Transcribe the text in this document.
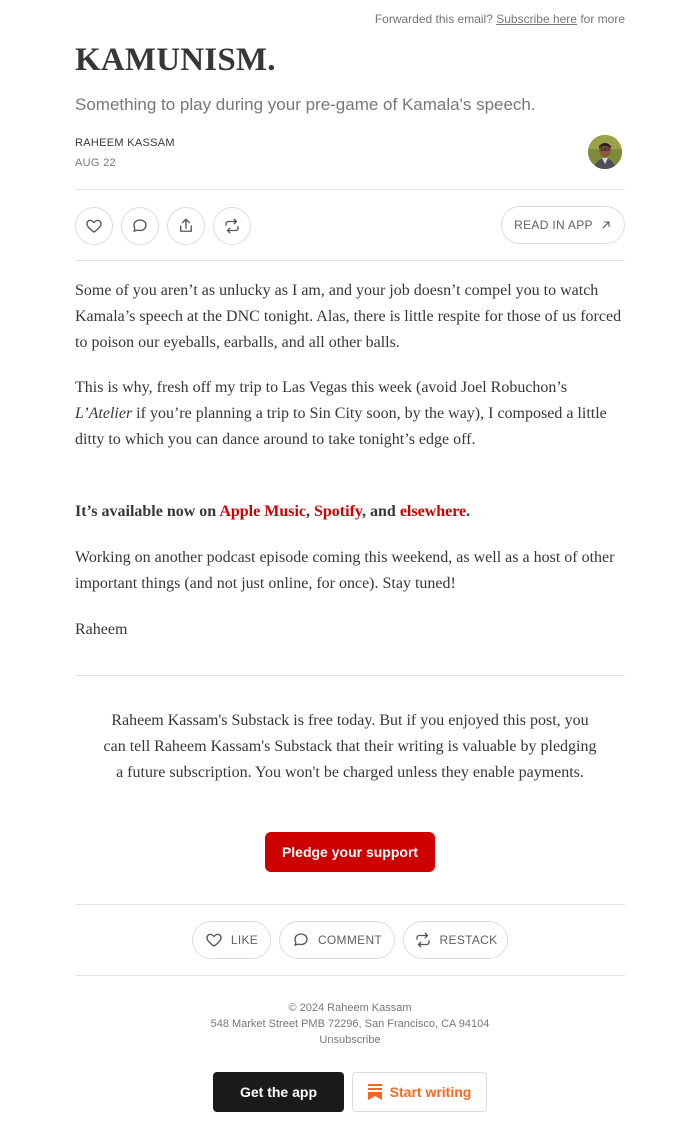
Forwarded this email? Subscribe here for more
KAMUNISM.
Something to play during your pre-game of Kamala's speech.
RAHEEM KASSAM
AUG 22
READ IN APP

Some of you aren’t as unlucky as I am, and your job doesn’t compel you to watch Kamala’s speech at the DNC tonight. Alas, there is little respite for those of us forced to poison our eyeballs, earballs, and all other balls.

This is why, fresh off my trip to Las Vegas this week (avoid Joel Robuchon’s L’Atelier if you’re planning a trip to Sin City soon, by the way), I composed a little ditty to which you can dance around to take tonight’s edge off.

It’s available now on Apple Music, Spotify, and elsewhere.

Working on another podcast episode coming this weekend, as well as a host of other important things (and not just online, for once). Stay tuned!

Raheem

Raheem Kassam's Substack is free today. But if you enjoyed this post, you can tell Raheem Kassam's Substack that their writing is valuable by pledging a future subscription. You won't be charged unless they enable payments.

Pledge your support
LIKE	COMMENT	RESTACK
© 2024 Raheem Kassam
548 Market Street PMB 72296, San Francisco, CA 94104
Unsubscribe
Get the app	Start writing
